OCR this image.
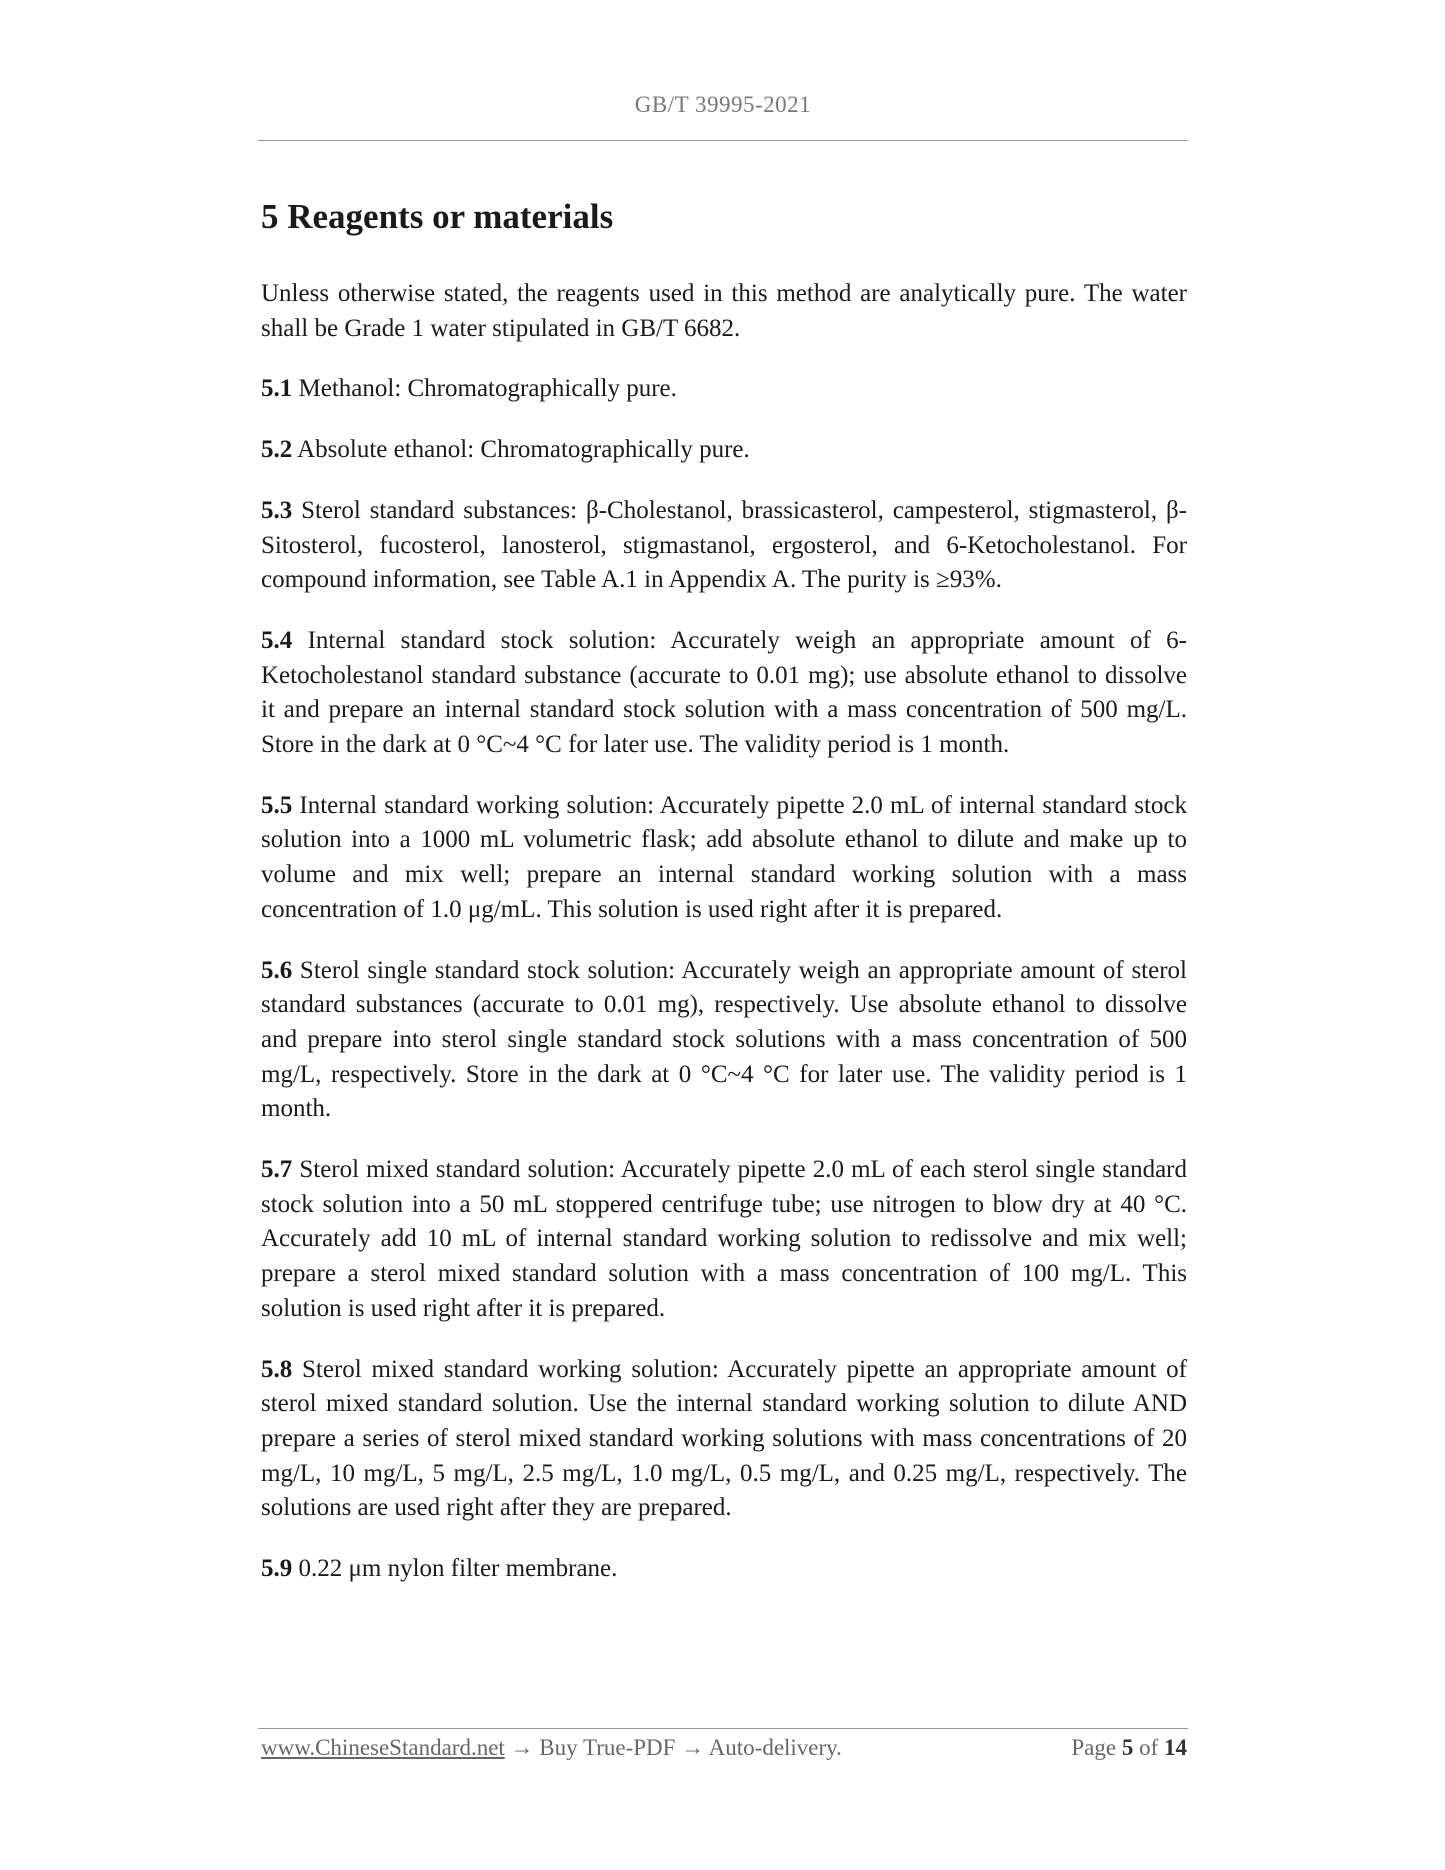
GB/T 39995-2021
5 Reagents or materials

Unless otherwise stated, the reagents used in this method are analytically pure. The water shall be Grade 1 water stipulated in GB/T 6682.

5.1 Methanol: Chromatographically pure.

5.2 Absolute ethanol: Chromatographically pure.

5.3 Sterol standard substances: β-Cholestanol, brassicasterol, campesterol, stigmasterol, β-Sitosterol, fucosterol, lanosterol, stigmastanol, ergosterol, and 6-Ketocholestanol. For compound information, see Table A.1 in Appendix A. The purity is ≥93%.

5.4 Internal standard stock solution: Accurately weigh an appropriate amount of 6-Ketocholestanol standard substance (accurate to 0.01 mg); use absolute ethanol to dissolve it and prepare an internal standard stock solution with a mass concentration of 500 mg/L. Store in the dark at 0 °C~4 °C for later use. The validity period is 1 month.

5.5 Internal standard working solution: Accurately pipette 2.0 mL of internal standard stock solution into a 1000 mL volumetric flask; add absolute ethanol to dilute and make up to volume and mix well; prepare an internal standard working solution with a mass concentration of 1.0 μg/mL. This solution is used right after it is prepared.

5.6 Sterol single standard stock solution: Accurately weigh an appropriate amount of sterol standard substances (accurate to 0.01 mg), respectively. Use absolute ethanol to dissolve and prepare into sterol single standard stock solutions with a mass concentration of 500 mg/L, respectively. Store in the dark at 0 °C~4 °C for later use. The validity period is 1 month.

5.7 Sterol mixed standard solution: Accurately pipette 2.0 mL of each sterol single standard stock solution into a 50 mL stoppered centrifuge tube; use nitrogen to blow dry at 40 °C. Accurately add 10 mL of internal standard working solution to redissolve and mix well; prepare a sterol mixed standard solution with a mass concentration of 100 mg/L. This solution is used right after it is prepared.

5.8 Sterol mixed standard working solution: Accurately pipette an appropriate amount of sterol mixed standard solution. Use the internal standard working solution to dilute AND prepare a series of sterol mixed standard working solutions with mass concentrations of 20 mg/L, 10 mg/L, 5 mg/L, 2.5 mg/L, 1.0 mg/L, 0.5 mg/L, and 0.25 mg/L, respectively. The solutions are used right after they are prepared.

5.9 0.22 μm nylon filter membrane.

www.ChineseStandard.net → Buy True-PDF → Auto-delivery.	Page 5 of 14
